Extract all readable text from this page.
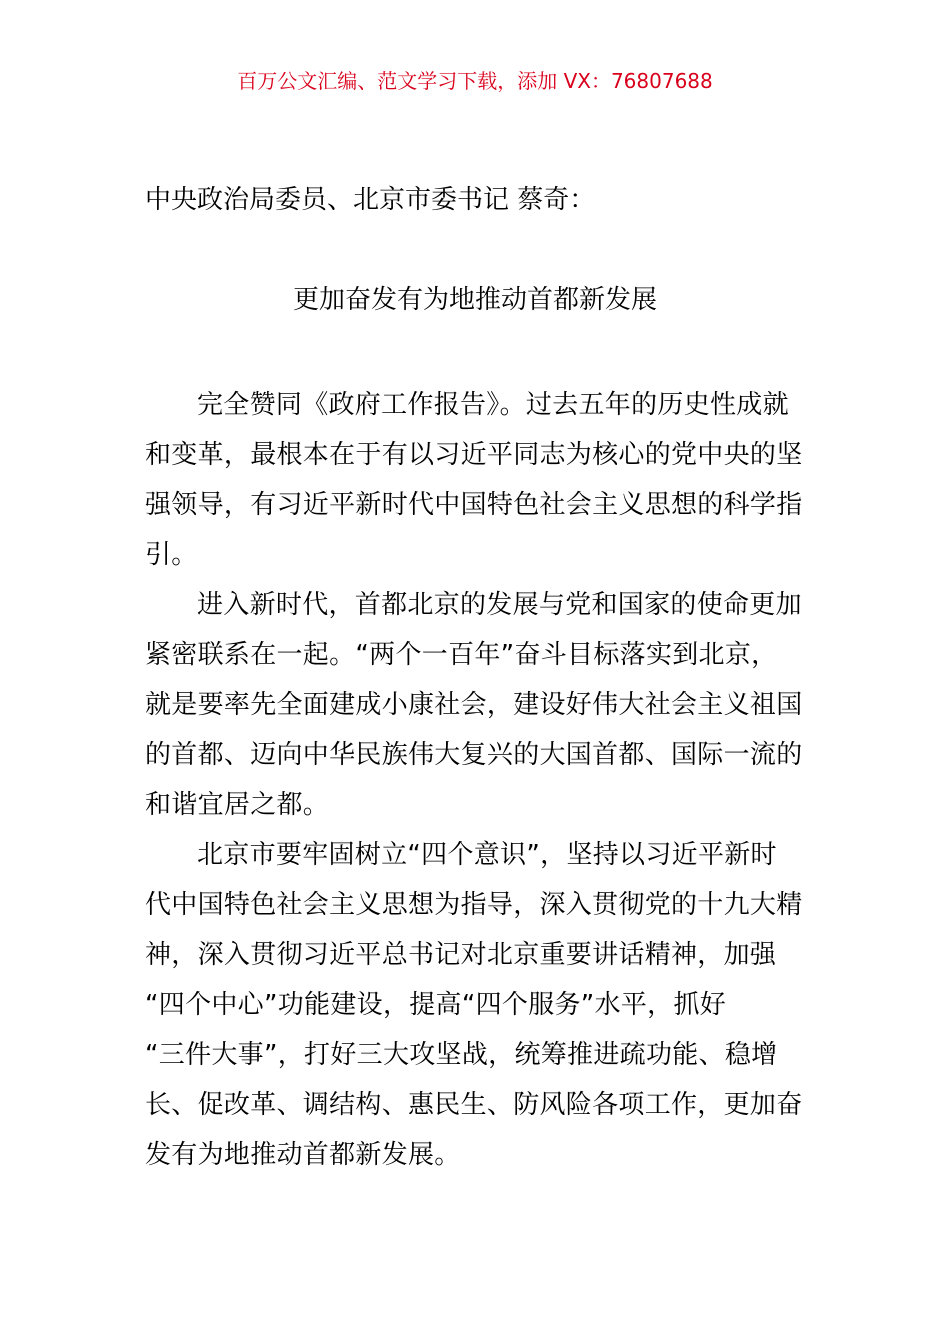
百万公文汇编、范文学习下载，添加 VX：76807688
中央政治局委员、北京市委书记 蔡奇：
更加奋发有为地推动首都新发展

完全赞同《政府工作报告》。过去五年的历史性成就
和变革，最根本在于有以习近平同志为核心的党中央的坚
强领导，有习近平新时代中国特色社会主义思想的科学指
引。

进入新时代，首都北京的发展与党和国家的使命更加
紧密联系在一起。“两个一百年”奋斗目标落实到北京，
就是要率先全面建成小康社会，建设好伟大社会主义祖国
的首都、迈向中华民族伟大复兴的大国首都、国际一流的
和谐宜居之都。

北京市要牢固树立“四个意识”，坚持以习近平新时
代中国特色社会主义思想为指导，深入贯彻党的十九大精
神，深入贯彻习近平总书记对北京重要讲话精神，加强
“四个中心”功能建设，提高“四个服务”水平，抓好
“三件大事”，打好三大攻坚战，统筹推进疏功能、稳增
长、促改革、调结构、惠民生、防风险各项工作，更加奋
发有为地推动首都新发展。
